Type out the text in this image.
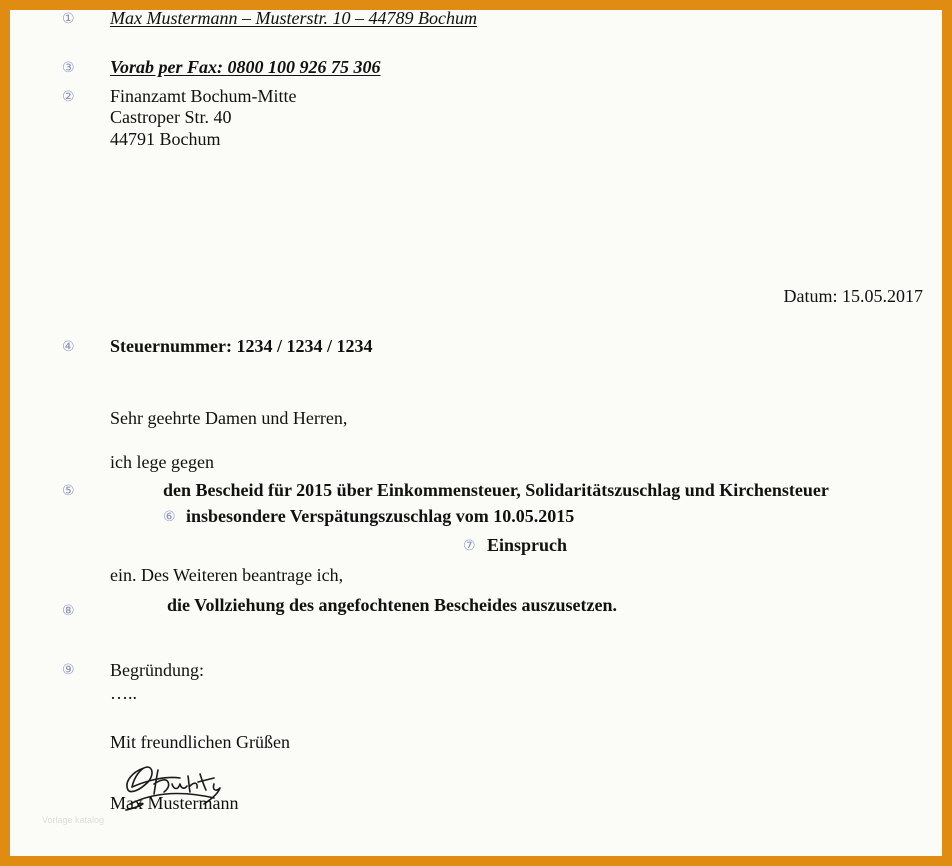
① Max Mustermann – Musterstr. 10 – 44789 Bochum
③ Vorab per Fax: 0800 100 926 75 306
② Finanzamt Bochum-Mitte
Castroper Str. 40
44791 Bochum
Datum: 15.05.2017
④ Steuernummer: 1234 / 1234 / 1234
Sehr geehrte Damen und Herren,
ich lege gegen
⑤	den Bescheid für 2015 über Einkommensteuer, Solidaritätszuschlag und Kirchensteuer
⑥ insbesondere Verspätungszuschlag vom 10.05.2015
⑦ Einspruch
ein. Des Weiteren beantrage ich,
⑧	die Vollziehung des angefochtenen Bescheides auszusetzen.
⑨ Begründung:
…..
Mit freundlichen Grüßen
Max Mustermann
Vorlage katalog
